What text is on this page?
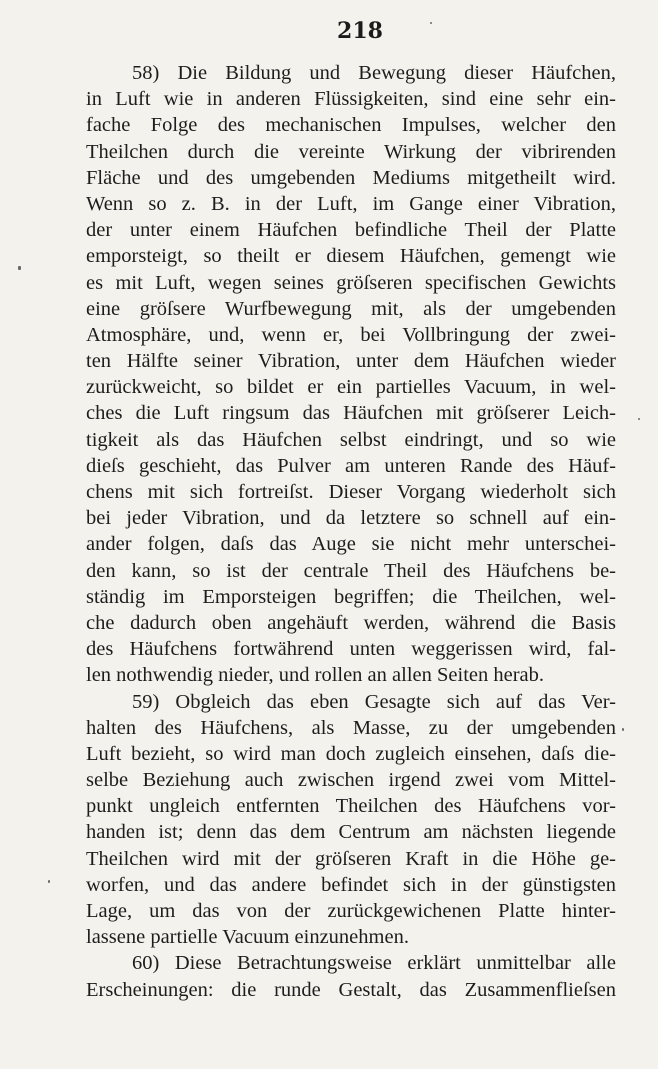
218
58) Die Bildung und Bewegung dieser Häufchen,
in Luft wie in anderen Flüssigkeiten, sind eine sehr ein-
fache Folge des mechanischen Impulses, welcher den
Theilchen durch die vereinte Wirkung der vibrirenden
Fläche und des umgebenden Mediums mitgetheilt wird.
Wenn so z. B. in der Luft, im Gange einer Vibration,
der unter einem Häufchen befindliche Theil der Platte
emporsteigt, so theilt er diesem Häufchen, gemengt wie
es mit Luft, wegen seines gröſseren specifischen Gewichts
eine gröſsere Wurfbewegung mit, als der umgebenden
Atmosphäre, und, wenn er, bei Vollbringung der zwei-
ten Hälfte seiner Vibration, unter dem Häufchen wieder
zurückweicht, so bildet er ein partielles Vacuum, in wel-
ches die Luft ringsum das Häufchen mit gröſserer Leich-
tigkeit als das Häufchen selbst eindringt, und so wie
dieſs geschieht, das Pulver am unteren Rande des Häuf-
chens mit sich fortreiſst. Dieser Vorgang wiederholt sich
bei jeder Vibration, und da letztere so schnell auf ein-
ander folgen, daſs das Auge sie nicht mehr unterschei-
den kann, so ist der centrale Theil des Häufchens be-
ständig im Emporsteigen begriffen; die Theilchen, wel-
che dadurch oben angehäuft werden, während die Basis
des Häufchens fortwährend unten weggerissen wird, fal-
len nothwendig nieder, und rollen an allen Seiten herab.
59) Obgleich das eben Gesagte sich auf das Ver-
halten des Häufchens, als Masse, zu der umgebenden
Luft bezieht, so wird man doch zugleich einsehen, daſs die-
selbe Beziehung auch zwischen irgend zwei vom Mittel-
punkt ungleich entfernten Theilchen des Häufchens vor-
handen ist; denn das dem Centrum am nächsten liegende
Theilchen wird mit der gröſseren Kraft in die Höhe ge-
worfen, und das andere befindet sich in der günstigsten
Lage, um das von der zurückgewichenen Platte hinter-
lassene partielle Vacuum einzunehmen.
60) Diese Betrachtungsweise erklärt unmittelbar alle
Erscheinungen: die runde Gestalt, das Zusammenflieſsen
